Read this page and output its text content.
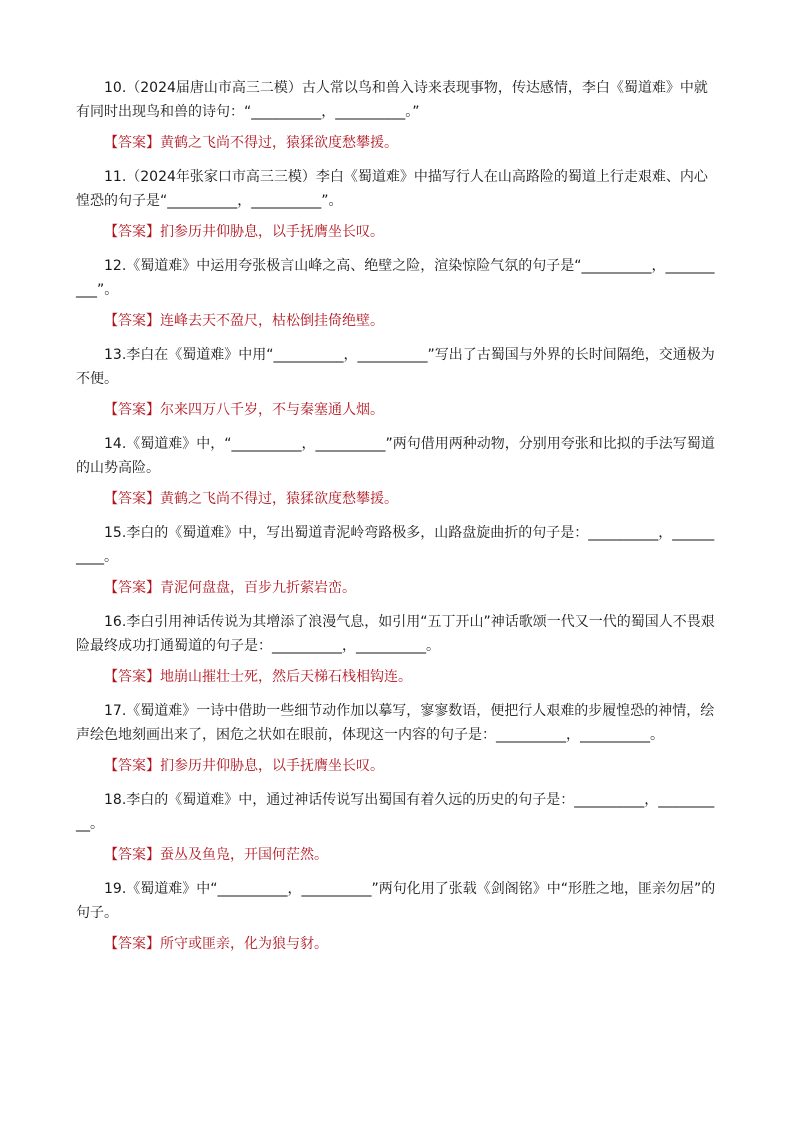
10.（2024届唐山市高三二模）古人常以鸟和兽入诗来表现事物，传达感情，李白《蜀道难》中就有同时出现鸟和兽的诗句：“__________，__________。”

【答案】黄鹤之飞尚不得过，猿猱欲度愁攀援。

11.（2024年张家口市高三三模）李白《蜀道难》中描写行人在山高路险的蜀道上行走艰难、内心惶恐的句子是“__________，__________”。

【答案】扪参历井仰胁息，以手抚膺坐长叹。

12.《蜀道难》中运用夸张极言山峰之高、绝壁之险，渲染惊险气氛的句子是“__________，__________”。

【答案】连峰去天不盈尺，枯松倒挂倚绝壁。

13.李白在《蜀道难》中用“__________，__________”写出了古蜀国与外界的长时间隔绝，交通极为不便。

【答案】尔来四万八千岁，不与秦塞通人烟。

14.《蜀道难》中，“__________，__________”两句借用两种动物，分别用夸张和比拟的手法写蜀道的山势高险。

【答案】黄鹤之飞尚不得过，猿猱欲度愁攀援。

15.李白的《蜀道难》中，写出蜀道青泥岭弯路极多，山路盘旋曲折的句子是：__________，__________。

【答案】青泥何盘盘，百步九折萦岩峦。

16.李白引用神话传说为其增添了浪漫气息，如引用“五丁开山”神话歌颂一代又一代的蜀国人不畏艰险最终成功打通蜀道的句子是：__________，__________。

【答案】地崩山摧壮士死，然后天梯石栈相钩连。

17.《蜀道难》一诗中借助一些细节动作加以摹写，寥寥数语，便把行人艰难的步履惶恐的神情，绘声绘色地刻画出来了，困危之状如在眼前，体现这一内容的句子是：__________，__________。

【答案】扪参历井仰胁息，以手抚膺坐长叹。

18.李白的《蜀道难》中，通过神话传说写出蜀国有着久远的历史的句子是：__________，__________。

【答案】蚕丛及鱼凫，开国何茫然。

19.《蜀道难》中“__________，__________”两句化用了张载《剑阁铭》中“形胜之地，匪亲勿居”的句子。

【答案】所守或匪亲，化为狼与豺。
